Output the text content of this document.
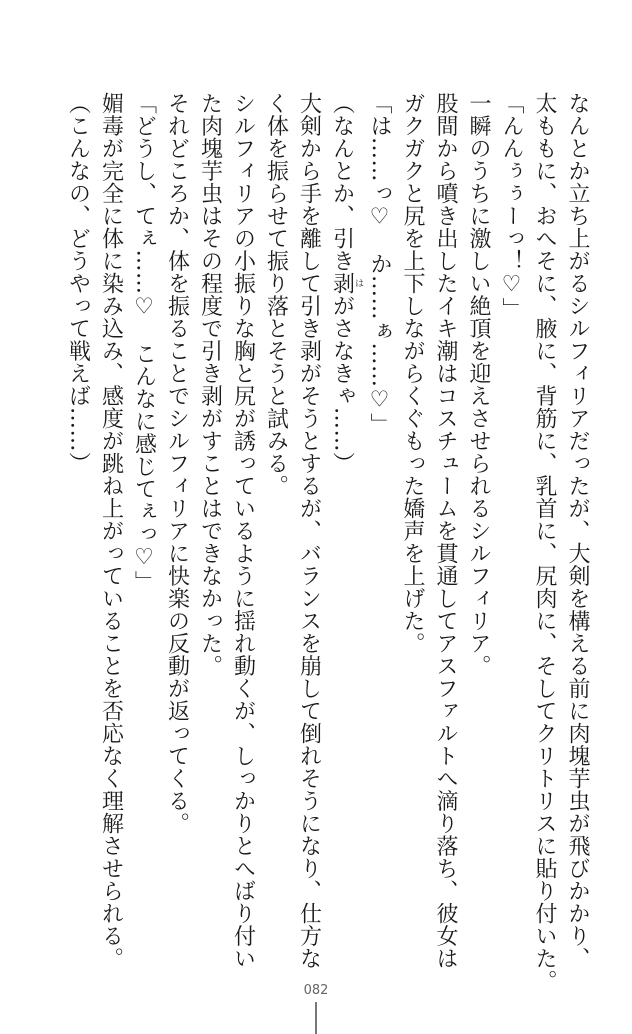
なんとか立ち上がるシルフィリアだったが、大剣を構える前に肉塊芋虫が飛びかかり、
太ももに、おへそに、腋に、背筋に、乳首に、尻肉に、そしてクリトリスに貼り付いた。
「んんぅぅーっ！♡」
一瞬のうちに激しい絶頂を迎えさせられるシルフィリア。
股間から噴き出したイキ潮はコスチュームを貫通してアスファルトへ滴り落ち、彼女は
ガクガクと尻を上下しながらくぐもった嬌声を上げた。
「は……っ♡　か……ぁ……♡」
（なんとか、引き剥はがさなきゃ……）
大剣から手を離して引き剥がそうとするが、バランスを崩して倒れそうになり、仕方な
く体を振らせて振り落とそうと試みる。
シルフィリアの小振りな胸と尻が誘っているように揺れ動くが、しっかりとへばり付い
た肉塊芋虫はその程度で引き剥がすことはできなかった。
それどころか、体を振ることでシルフィリアに快楽の反動が返ってくる。
「どうし、てぇ……♡　こんなに感じてぇっ♡」
媚毒が完全に体に染み込み、感度が跳ね上がっていることを否応なく理解させられる。
（こんなの、どうやって戦えば……）
082
